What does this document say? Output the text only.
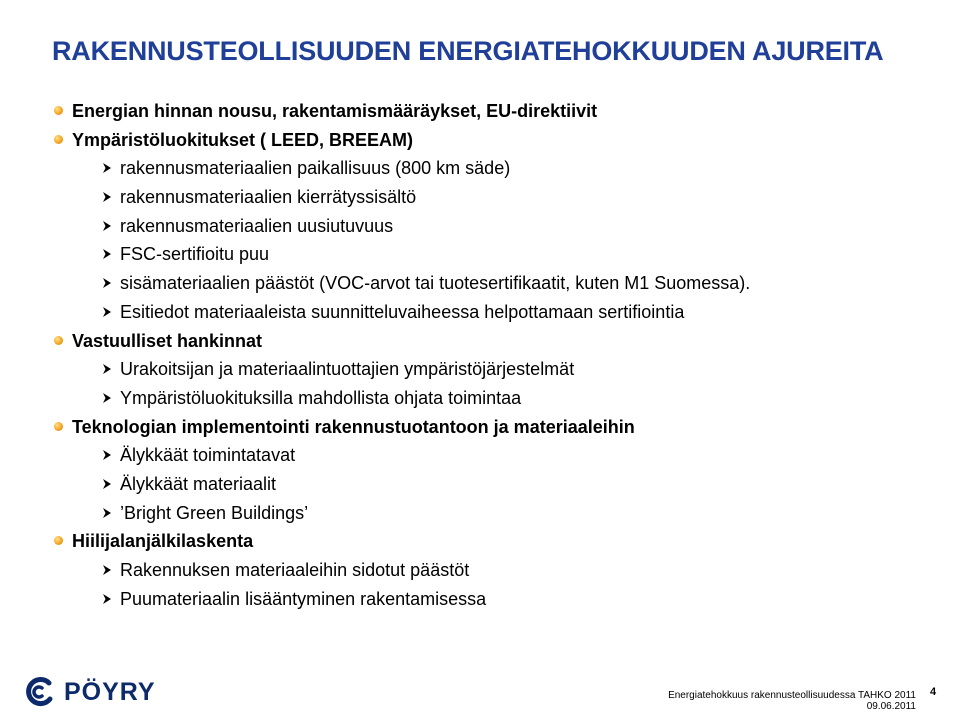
RAKENNUSTEOLLISUUDEN ENERGIATEHOKKUUDEN AJUREITA
Energian hinnan nousu, rakentamismääräykset, EU-direktiivit
Ympäristöluokitukset ( LEED, BREEAM)
rakennusmateriaalien paikallisuus (800 km säde)
rakennusmateriaalien kierrätyssisältö
rakennusmateriaalien uusiutuvuus
FSC-sertifioitu puu
sisämateriaalien päästöt (VOC-arvot tai tuotesertifikaatit, kuten M1 Suomessa).
Esitiedot materiaaleista suunnitteluvaiheessa helpottamaan sertifiointia
Vastuulliset hankinnat
Urakoitsijan ja materiaalintuottajien ympäristöjärjestelmät
Ympäristöluokituksilla mahdollista ohjata toimintaa
Teknologian implementointi rakennustuotantoon ja materiaaleihin
Älykkäät toimintatavat
Älykkäät materiaalit
’Bright Green Buildings’
Hiilijalanjälkilaskenta
Rakennuksen materiaaleihin sidotut päästöt
Puumateriaalin lisääntyminen rakentamisessa
PÖYRY	Energiatehokkuus rakennusteollisuudessa TAHKO 2011
09.06.2011
4
